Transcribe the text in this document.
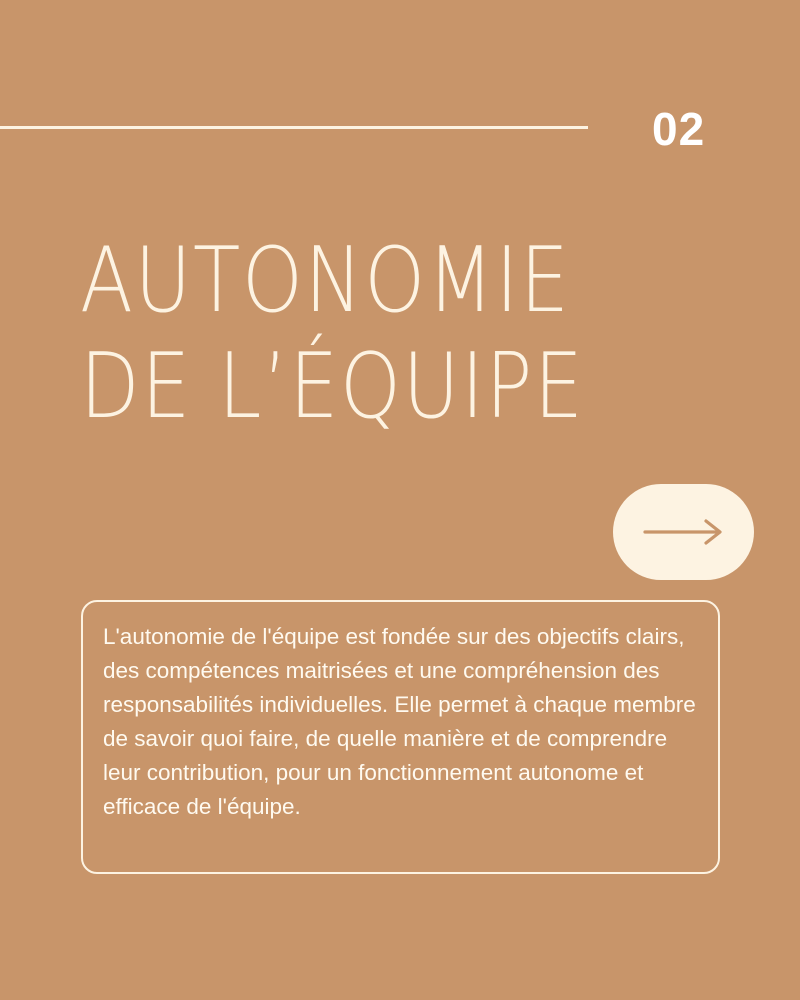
02
AUTONOMIE
DE L’ÉQUIPE

L'autonomie de l'équipe est fondée sur des objectifs clairs, des compétences maitrisées et une compréhension des responsabilités individuelles. Elle permet à chaque membre de savoir quoi faire, de quelle manière et de comprendre leur contribution, pour un fonctionnement autonome et efficace de l'équipe.
